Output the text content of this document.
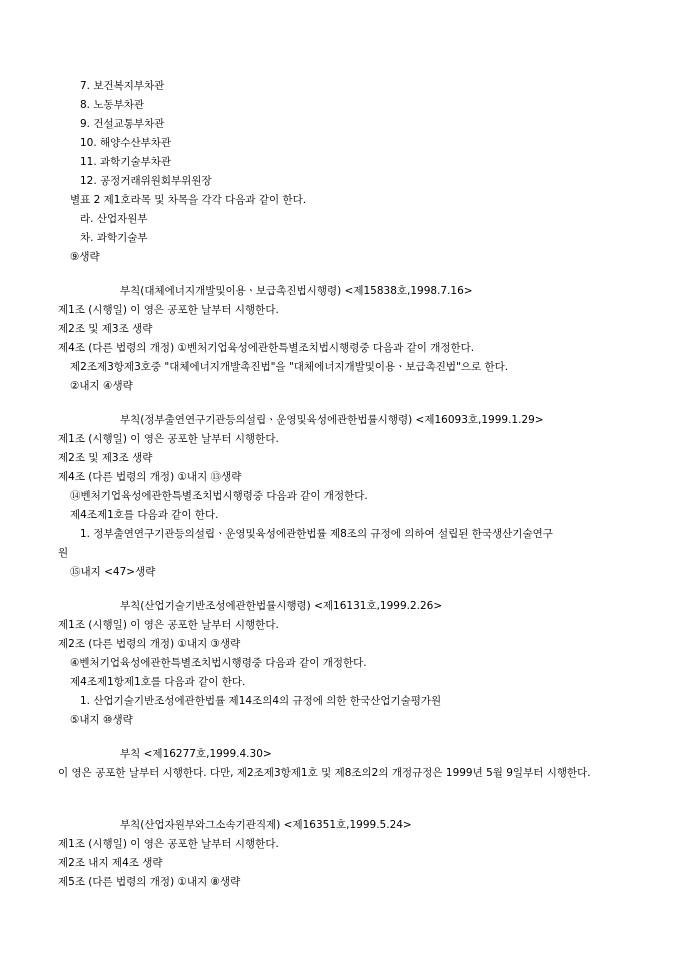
7. 보건복지부차관
8. 노동부차관
9. 건설교통부차관
10. 해양수산부차관
11. 과학기술부차관
12. 공정거래위원회부위원장
별표 2 제1호라목 및 차목을 각각 다음과 같이 한다.
라. 산업자원부
차. 과학기술부
⑨생략
부칙(대체에너지개발및이용ㆍ보급촉진법시행령) <제15838호,1998.7.16>
제1조 (시행일) 이 영은 공포한 날부터 시행한다.
제2조 및 제3조 생략
제4조 (다른 법령의 개정) ①벤처기업육성에관한특별조치법시행령중 다음과 같이 개정한다.
제2조제3항제3호중 "대체에너지개발촉진법"을 "대체에너지개발및이용ㆍ보급촉진법"으로 한다.
②내지 ④생략
부칙(정부출연연구기관등의설립ㆍ운영및육성에관한법률시행령) <제16093호,1999.1.29>
제1조 (시행일) 이 영은 공포한 날부터 시행한다.
제2조 및 제3조 생략
제4조 (다른 법령의 개정) ①내지 ⑬생략
⑭벤처기업육성에관한특별조치법시행령중 다음과 같이 개정한다.
제4조제1호를 다음과 같이 한다.
1. 정부출연연구기관등의설립ㆍ운영및육성에관한법률 제8조의 규정에 의하여 설립된 한국생산기술연구
원
⑮내지 <47>생략
부칙(산업기술기반조성에관한법률시행령) <제16131호,1999.2.26>
제1조 (시행일) 이 영은 공포한 날부터 시행한다.
제2조 (다른 법령의 개정) ①내지 ③생략
④벤처기업육성에관한특별조치법시행령중 다음과 같이 개정한다.
제4조제1항제1호를 다음과 같이 한다.
1. 산업기술기반조성에관한법률 제14조의4의 규정에 의한 한국산업기술평가원
⑤내지 ⑩생략
부칙 <제16277호,1999.4.30>
이 영은 공포한 날부터 시행한다. 다만, 제2조제3항제1호 및 제8조의2의 개정규정은 1999년 5월 9일부터 시행한다.
부칙(산업자원부와그소속기관직제) <제16351호,1999.5.24>
제1조 (시행일) 이 영은 공포한 날부터 시행한다.
제2조 내지 제4조 생략
제5조 (다른 법령의 개정) ①내지 ⑧생략
